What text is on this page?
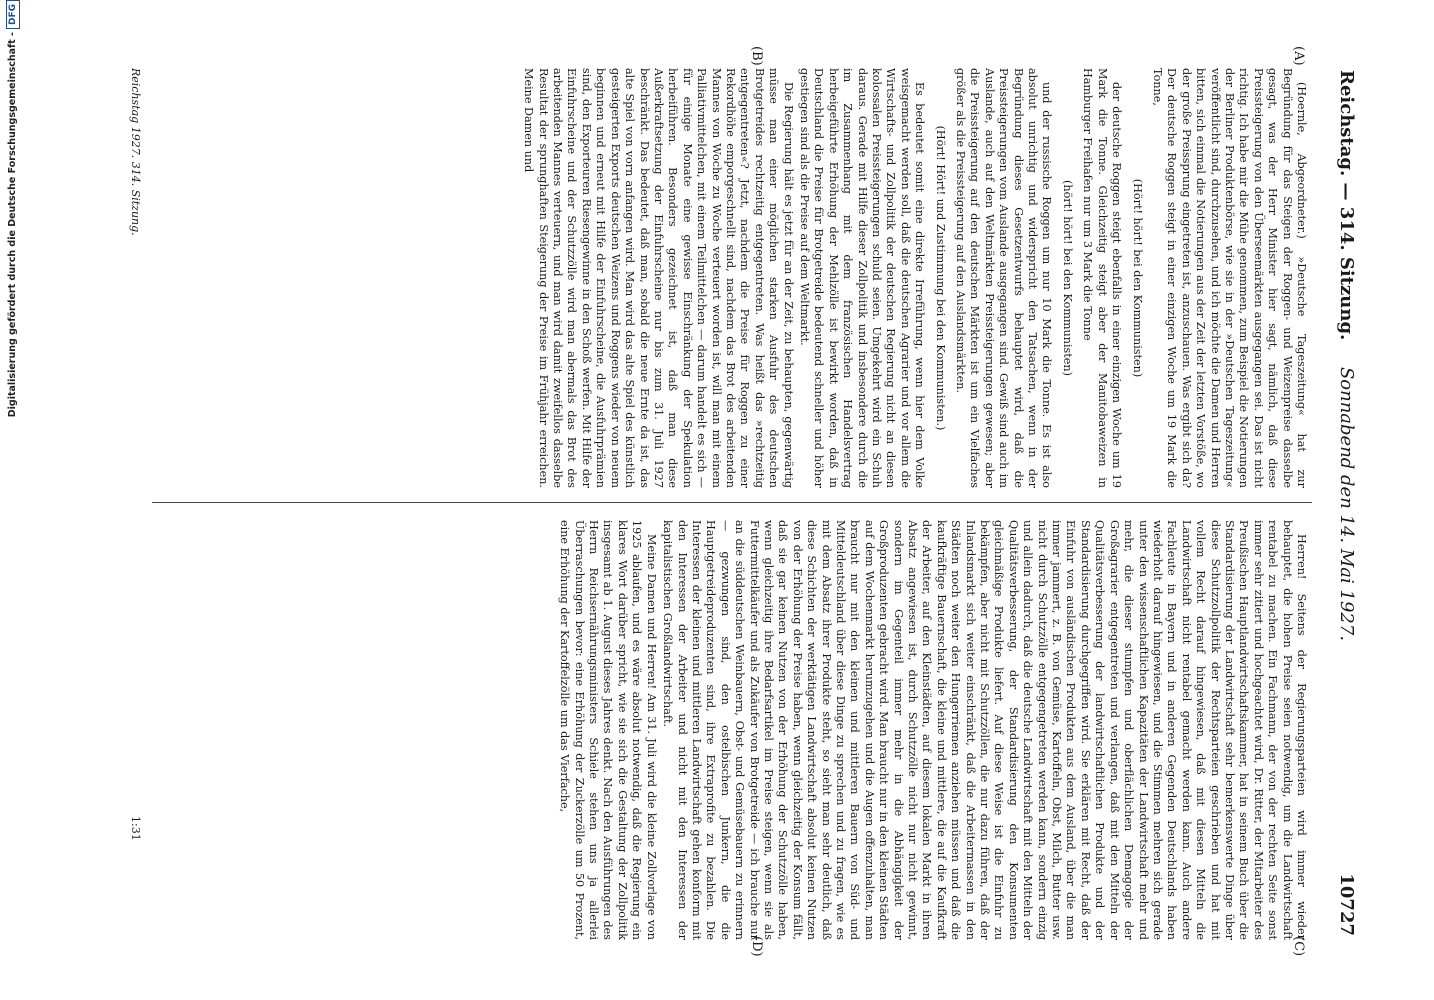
Digitalisierung gefördert durch die Deutsche Forschungsgemeinschaft -DFG
Reichstag. — 314. Sitzung.
Sonnabend den 14. Mai 1927.
10727
(A)
(B)
(C)
(D)

(Hoernle, Abgeordneter.) »Deutsche Tageszeitung« hat zur Begründung für das Steigen der Roggen- und Weizenpreise dasselbe gesagt, was der Herr Minister hier sagt, nämlich, daß diese Preissteigerung von den Überseemärkten ausgegangen sei. Das ist nicht richtig. Ich habe mir die Mühe genommen, zum Beispiel die Notierungen der Berliner Produktenbörse, wie sie in der »Deutschen Tageszeitung« veröffentlicht sind, durchzusehen, und ich möchte die Damen und Herren bitten, sich einmal die Notierungen aus der Zeit der letzten Vorstöße, wo der große Preissprung eingetreten ist, anzuschauen. Was ergibt sich da? Der deutsche Roggen steigt in einer einzigen Woche um 19 Mark die Tonne,

(Hört! hört! bei den Kommunisten)

der deutsche Roggen steigt ebenfalls in einer einzigen Woche um 19 Mark die Tonne. Gleichzeitig steigt aber der Manitobaweizen in Hamburger Freihafen nur um 3 Mark die Tonne

(hört! hört! bei den Kommunisten)

und der russische Roggen um nur 10 Mark die Tonne. Es ist also absolut unrichtig und widerspricht den Tatsachen, wenn in der Begründung dieses Gesetzentwurfs behauptet wird, daß die Preissteigerungen vom Auslande ausgegangen sind. Gewiß sind auch im Auslande, auch auf den Weltmärkten Preissteigerungen gewesen; aber die Preissteigerung auf den deutschen Märkten ist um ein Vielfaches größer als die Preissteigerung auf den Auslandsmärkten.

(Hört! Hört! und Zustimmung bei den Kommunisten.)

Es bedeutet somit eine direkte Irreführung, wenn hier dem Volke weisgemacht werden soll, daß die deutschen Agrarier und vor allem die Wirtschafts- und Zollpolitik der deutschen Regierung nicht an diesen kolossalen Preissteigerungen schuld seien. Umgekehrt wird ein Schuh daraus. Gerade mit Hilfe dieser Zollpolitik und insbesondere durch die im Zusammenhang mit dem französischen Handelsvertrag herbeigeführte Erhöhung der Mehlzölle ist bewirkt worden, daß in Deutschland die Preise für Brotgetreide bedeutend schneller und höher gestiegen sind als die Preise auf dem Weltmarkt.

Die Regierung hält es jetzt für an der Zeit, zu behaupten, gegenwärtig müsse man einer möglichen starken Ausfuhr des deutschen Brotgetreides rechtzeitig entgegentreten. Was heißt das »rechtzeitig entgegentreten«? Jetzt, nachdem die Preise für Roggen zu einer Rekordhöhe emporgeschnellt sind, nachdem das Brot des arbeitenden Mannes von Woche zu Woche verteuert worden ist, will man mit einem Palliativmittelchen, mit einem Teilmittelchen — darum handelt es sich — für einige Monate eine gewisse Einschränkung der Spekulation herbeiführen. Besonders gezeichnet ist, daß man diese Außerkraftsetzung der Einfuhrscheine nur bis zum 31. Juli 1927 beschränkt. Das bedeutet, daß man, sobald die neue Ernte da ist, das alte Spiel von vorn anfangen wird. Man wird das alte Spiel des künstlich gesteigerten Exports deutschen Weizens und Roggens wieder von neuem beginnen und erneut mit Hilfe der Einfuhrscheine, die Ausfuhrprämien sind, den Exporteuren Riesengewinne in den Schoß werfen. Mit Hilfe der Einfuhrscheine und der Schutzzölle wird man abermals das Brot des arbeitenden Mannes verteuern, und man wird damit zweifellos dasselbe Resultat der sprunghaften Steigerung der Preise im Frühjahr erreichen. Meine Damen und

Herren! Seitens der Regierungsparteien wird immer wieder behauptet, die hohen Preise seien notwendig, um die Landwirtschaft rentabel zu machen. Ein Fachmann, der von der rechten Seite sonst immer sehr zitiert und hochgeachtet wird, Dr. Ritter, der Mitarbeiter des Preußischen Hauptlandwirtschaftskammer, hat in seinem Buch über die Standardisierung der Landwirtschaft sehr bemerkenswerte Dinge über diese Schutzzollpolitik der Rechtsparteien geschrieben und hat mit vollem Recht darauf hingewiesen, daß mit diesen Mitteln die Landwirtschaft nicht rentabel gemacht werden kann. Auch andere Fachleute in Bayern und in anderen Gegenden Deutschlands haben wiederholt darauf hingewiesen, und die Stimmen mehren sich gerade unter den wissenschaftlichen Kapazitäten der Landwirtschaft mehr und mehr, die dieser stumpfen und oberflächlichen Demagogie der Großagrarier entgegentreten und verlangen, daß mit den Mitteln der Qualitätsverbesserung der landwirtschaftlichen Produkte und der Standardisierung durchgegriffen wird. Sie erklären mit Recht, daß der Einfuhr von ausländischen Produkten aus dem Ausland, über die man immer jammert, z. B. von Gemüse, Kartoffeln, Obst, Milch, Butter usw. nicht durch Schutzzölle entgegengetreten werden kann, sondern einzig und allein dadurch, daß die deutsche Landwirtschaft mit den Mitteln der Qualitätsverbesserung, der Standardisierung den Konsumenten gleichmäßige Produkte liefert. Auf diese Weise ist die Einfuhr zu bekämpfen, aber nicht mit Schutzzöllen, die nur dazu führen, daß der Inlandsmarkt sich weiter einschränkt, daß die Arbeitermassen in den Städten noch weiter den Hungerriemen anziehen müssen und daß die kaufkräftige Bauernschaft, die kleine und mittlere, die auf die Kaufkraft der Arbeiter, auf den Kleinstädten, auf diesem lokalen Markt in ihren Absatz angewiesen ist, durch Schutzzölle nicht nur nicht gewinnt, sondern im Gegenteil immer mehr in die Abhängigkeit der Großproduzenten gebracht wird. Man braucht nur in den kleinen Städten auf dem Wochenmarkt herumzugehen und die Augen offenzuhalten, man braucht nur mit den kleinen und mittleren Bauern von Süd- und Mitteldeutschland über diese Dinge zu sprechen und zu fragen, wie es mit dem Absatz ihrer Produkte steht, so sieht man sehr deutlich, daß diese Schichten der werktätigen Landwirtschaft absolut keinen Nutzen von der Erhöhung der Preise haben, wenn gleichzeitig der Konsum fällt, daß sie gar keinen Nutzen von der Erhöhung der Schutzzölle haben, wenn gleichzeitig ihre Bedarfsartikel im Preise steigen, wenn sie als Futtermittelkäufer und als Zukäufer von Brotgetreide — ich brauche nur an die süddeutschen Weinbauern, Obst- und Gemüsebauern zu erinnern — gezwungen sind, den ostelbischen Junkern, die die Hauptgetreideproduzenten sind, ihre Extraprofite zu bezahlen. Die Interessen der kleinen und mittleren Landwirtschaft gehen konform mit den Interessen der Arbeiter und nicht mit den Interessen der kapitalistischen Großlandwirtschaft.

Meine Damen und Herren! Am 31. Juli wird die kleine Zollvorlage von 1925 ablaufen, und es wäre absolut notwendig, daß die Regierung ein klares Wort darüber spricht, wie sie sich die Gestaltung der Zollpolitik insgesamt ab 1. August dieses Jahres denkt. Nach den Ausführungen des Herrn Reichsernährungsministers Schiele stehen uns ja allerlei Überraschungen bevor: eine Erhöhung der Zuckerzölle um 50 Prozent, eine Erhöhung der Kartoffelzölle um das Vierfache,

Reichstag 1927. 314. Sitzung.
1:31
